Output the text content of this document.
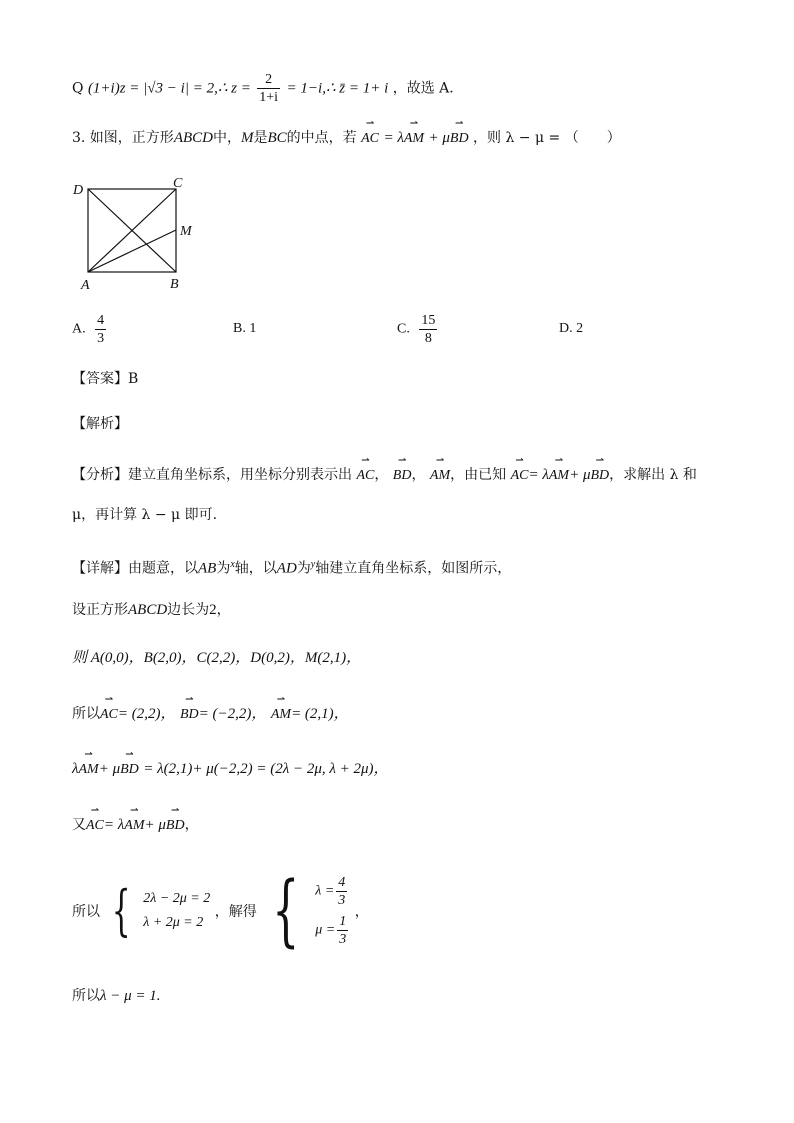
Q (1+i)z = |√3 − i| = 2,∴ $z = \frac{2}{1+i}$ = 1−i,∴ z̄ = 1+ i ，故选 A.
3. 如图，正方形ABCD中，M是BC的中点，若 ⇀ AC = λ⇀ AM + μ⇀ BD ，则 λ − μ = （　　）
D	C
M
A	B
A. $\frac{4}{3}$	B. 1	C. $\frac{15}{8}$	D. 2
【答案】B
【解析】
【分析】建立直角坐标系，用坐标分别表示出 ⇀ AC， ⇀ BD， ⇀ AM，由已知 ⇀ AC= λ⇀ AM+ μ⇀ BD，求解出 λ 和
μ，再计算 λ − μ 即可.
【详解】由题意，以AB为$^x$轴，以AD为$^y$轴建立直角坐标系，如图所示，
设正方形ABCD边长为2，
则 A(0,0)，B(2,0)，C(2,2)，D(0,2)，M(2,1)，
所以⇀ AC= (2,2)， ⇀ BD= (−2,2)， ⇀ AM= (2,1)，
λ⇀ AM+ μ⇀ BD = λ(2,1)+ μ(−2,2) = (2λ − 2μ, λ + 2μ)，
又⇀ AC= λ⇀ AM+ μ⇀ BD，
所以 { 2λ − 2μ = 2
λ + 2μ = 2
，解得 { $\lambda = \frac{4}{3}$
$\mu = \frac{1}{3}$
，
所以λ − μ = 1.
